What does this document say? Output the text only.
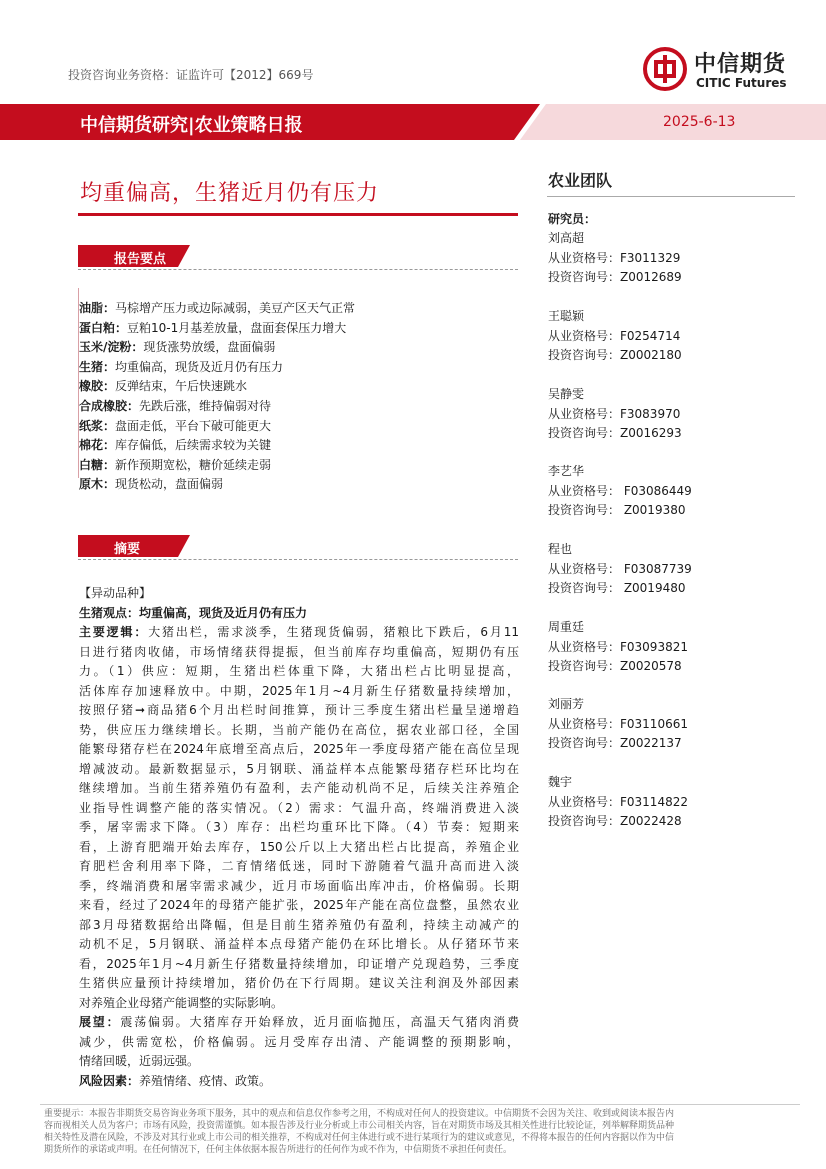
投资咨询业务资格：证监许可【2012】669号	中信期货
CITIC Futures
中信期货研究|农业策略日报	2025-6-13
均重偏高，生猪近月仍有压力
报告要点
油脂：马棕增产压力或边际减弱，美豆产区天气正常
蛋白粕：豆粕10-1月基差放量，盘面套保压力增大
玉米/淀粉：现货涨势放缓，盘面偏弱
生猪：均重偏高，现货及近月仍有压力
橡胶：反弹结束，午后快速跳水
合成橡胶：先跌后涨，维持偏弱对待
纸浆：盘面走低，平台下破可能更大
棉花：库存偏低，后续需求较为关键
白糖：新作预期宽松，糖价延续走弱
原木：现货松动，盘面偏弱
摘要
【异动品种】
生猪观点：均重偏高，现货及近月仍有压力
主要逻辑：大猪出栏，需求淡季，生猪现货偏弱，猪粮比下跌后，6月11
日进行猪肉收储，市场情绪获得提振，但当前库存均重偏高，短期仍有压
力。（1）供应：短期，生猪出栏体重下降，大猪出栏占比明显提高，
活体库存加速释放中。中期，2025年1月~4月新生仔猪数量持续增加，
按照仔猪➞商品猪6个月出栏时间推算，预计三季度生猪出栏量呈递增趋
势，供应压力继续增长。长期，当前产能仍在高位，据农业部口径，全国
能繁母猪存栏在2024年底增至高点后，2025年一季度母猪产能在高位呈现
增减波动。最新数据显示，5月钢联、涌益样本点能繁母猪存栏环比均在
继续增加。当前生猪养殖仍有盈利，去产能动机尚不足，后续关注养殖企
业指导性调整产能的落实情况。（2）需求：气温升高，终端消费进入淡
季，屠宰需求下降。（3）库存：出栏均重环比下降。（4）节奏：短期来
看，上游育肥端开始去库存，150公斤以上大猪出栏占比提高，养殖企业
育肥栏舍利用率下降，二育情绪低迷，同时下游随着气温升高而进入淡
季，终端消费和屠宰需求减少，近月市场面临出库冲击，价格偏弱。长期
来看，经过了2024年的母猪产能扩张，2025年产能在高位盘整，虽然农业
部3月母猪数据给出降幅，但是目前生猪养殖仍有盈利，持续主动减产的
动机不足，5月钢联、涌益样本点母猪产能仍在环比增长。从仔猪环节来
看，2025年1月~4月新生仔猪数量持续增加，印证增产兑现趋势，三季度
生猪供应量预计持续增加，猪价仍在下行周期。建议关注利润及外部因素
对养殖企业母猪产能调整的实际影响。
展望：震荡偏弱。大猪库存开始释放，近月面临抛压，高温天气猪肉消费
减少，供需宽松，价格偏弱。远月受库存出清、产能调整的预期影响，
情绪回暖，近弱远强。
风险因素：养殖情绪、疫情、政策。
农业团队
研究员：
刘高超
从业资格号：F3011329
投资咨询号：Z0012689
王聪颖
从业资格号：F0254714
投资咨询号：Z0002180
吴静雯
从业资格号：F3083970
投资咨询号：Z0016293
李艺华
从业资格号： F03086449
投资咨询号： Z0019380
程也
从业资格号： F03087739
投资咨询号： Z0019480
周重廷
从业资格号：F03093821
投资咨询号：Z0020578
刘丽芳
从业资格号：F03110661
投资咨询号：Z0022137
魏宇
从业资格号：F03114822
投资咨询号：Z0022428
重要提示：本报告非期货交易咨询业务项下服务，其中的观点和信息仅作参考之用，不构成对任何人的投资建议。中信期货不会因为关注、收到或阅读本报告内
容而视相关人员为客户；市场有风险，投资需谨慎。如本报告涉及行业分析或上市公司相关内容，旨在对期货市场及其相关性进行比较论证，列举解释期货品种
相关特性及潜在风险，不涉及对其行业或上市公司的相关推荐，不构成对任何主体进行或不进行某项行为的建议或意见，不得将本报告的任何内容据以作为中信
期货所作的承诺或声明。在任何情况下，任何主体依据本报告所进行的任何作为或不作为，中信期货不承担任何责任。
